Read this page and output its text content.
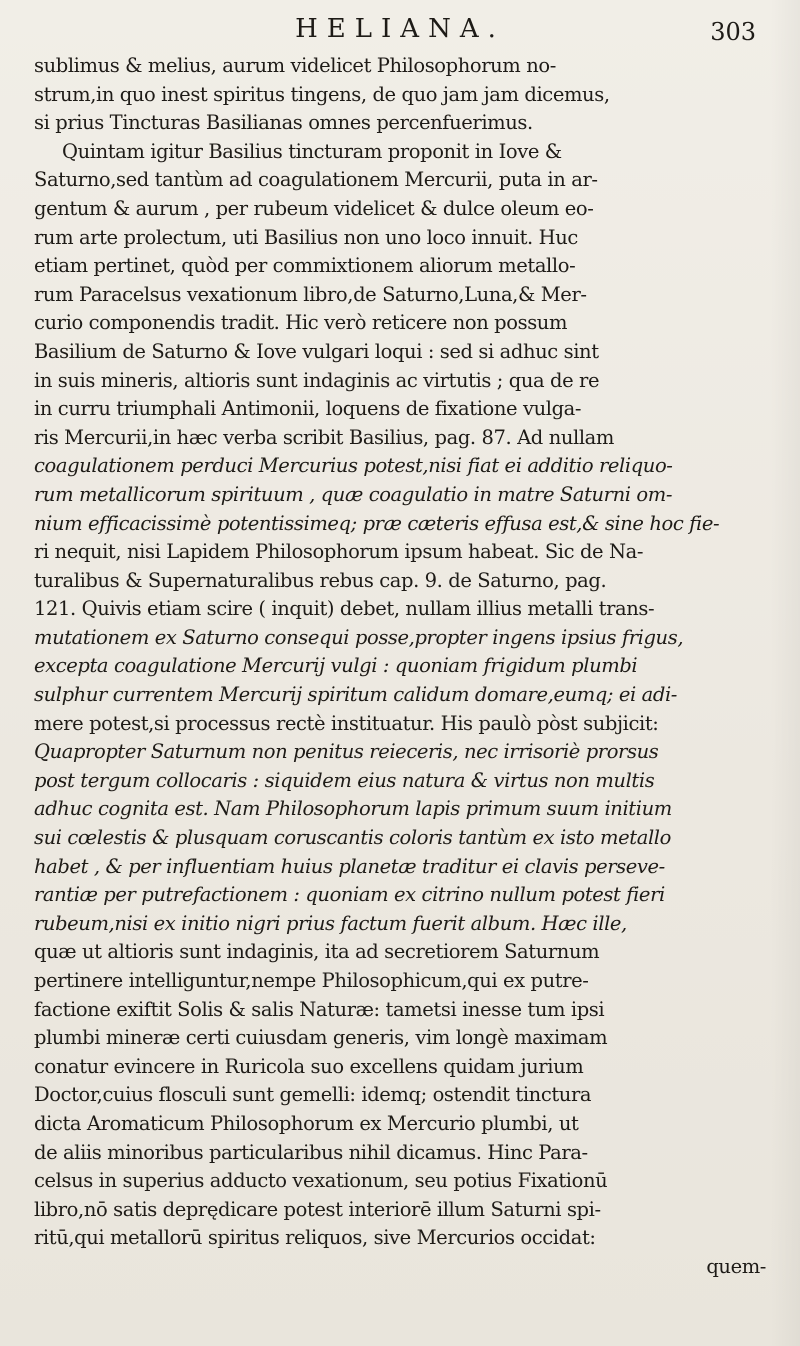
HELIANA.	303
sublimus & melius, aurum videlicet Philosophorum no-
strum,in quo inest spiritus tingens, de quo jam jam dicemus,
si prius Tincturas Basilianas omnes percenfuerimus.
Quintam igitur Basilius tincturam proponit in Iove &
Saturno,sed tantùm ad coagulationem Mercurii, puta in ar-
gentum & aurum , per rubeum videlicet & dulce oleum eo-
rum arte prolectum, uti Basilius non uno loco innuit. Huc
etiam pertinet, quòd per commixtionem aliorum metallo-
rum Paracelsus vexationum libro,de Saturno,Luna,& Mer-
curio componendis tradit. Hic verò reticere non possum
Basilium de Saturno & Iove vulgari loqui : sed si adhuc sint
in suis mineris, altioris sunt indaginis ac virtutis ; qua de re
in curru triumphali Antimonii, loquens de fixatione vulga-
ris Mercurii,in hæc verba scribit Basilius, pag. 87. Ad nullam
coagulationem perduci Mercurius potest,nisi fiat ei additio reliquo-
rum metallicorum spirituum , quæ coagulatio in matre Saturni om-
nium efficacissimè potentissimeq; præ cæteris effusa est,& sine hoc fie-
ri nequit, nisi Lapidem Philosophorum ipsum habeat. Sic de Na-
turalibus & Supernaturalibus rebus cap. 9. de Saturno, pag.
121. Quivis etiam scire ( inquit) debet, nullam illius metalli trans-
mutationem ex Saturno consequi posse,propter ingens ipsius frigus,
excepta coagulatione Mercurij vulgi : quoniam frigidum plumbi
sulphur currentem Mercurij spiritum calidum domare,eumq; ei adi-
mere potest,si processus rectè instituatur. His paulò pòst subjicit:
Quapropter Saturnum non penitus reieceris, nec irrisoriè prorsus
post tergum collocaris : siquidem eius natura & virtus non multis
adhuc cognita est. Nam Philosophorum lapis primum suum initium
sui cœlestis & plusquam coruscantis coloris tantùm ex isto metallo
habet , & per influentiam huius planetæ traditur ei clavis perseve-
rantiæ per putrefactionem : quoniam ex citrino nullum potest fieri
rubeum,nisi ex initio nigri prius factum fuerit album. Hæc ille,
quæ ut altioris sunt indaginis, ita ad secretiorem Saturnum
pertinere intelliguntur,nempe Philosophicum,qui ex putre-
factione exiftit Solis & salis Naturæ: tametsi inesse tum ipsi
plumbi mineræ certi cuiusdam generis, vim longè maximam
conatur evincere in Ruricola suo excellens quidam jurium
Doctor,cuius flosculi sunt gemelli: idemq; ostendit tinctura
dicta Aromaticum Philosophorum ex Mercurio plumbi, ut
de aliis minoribus particularibus nihil dicamus. Hinc Para-
celsus in superius adducto vexationum, seu potius Fixationū
libro,nō satis deprędicare potest interiorē illum Saturni spi-
ritū,qui metallorū spiritus reliquos, sive Mercurios occidat:
quem-
